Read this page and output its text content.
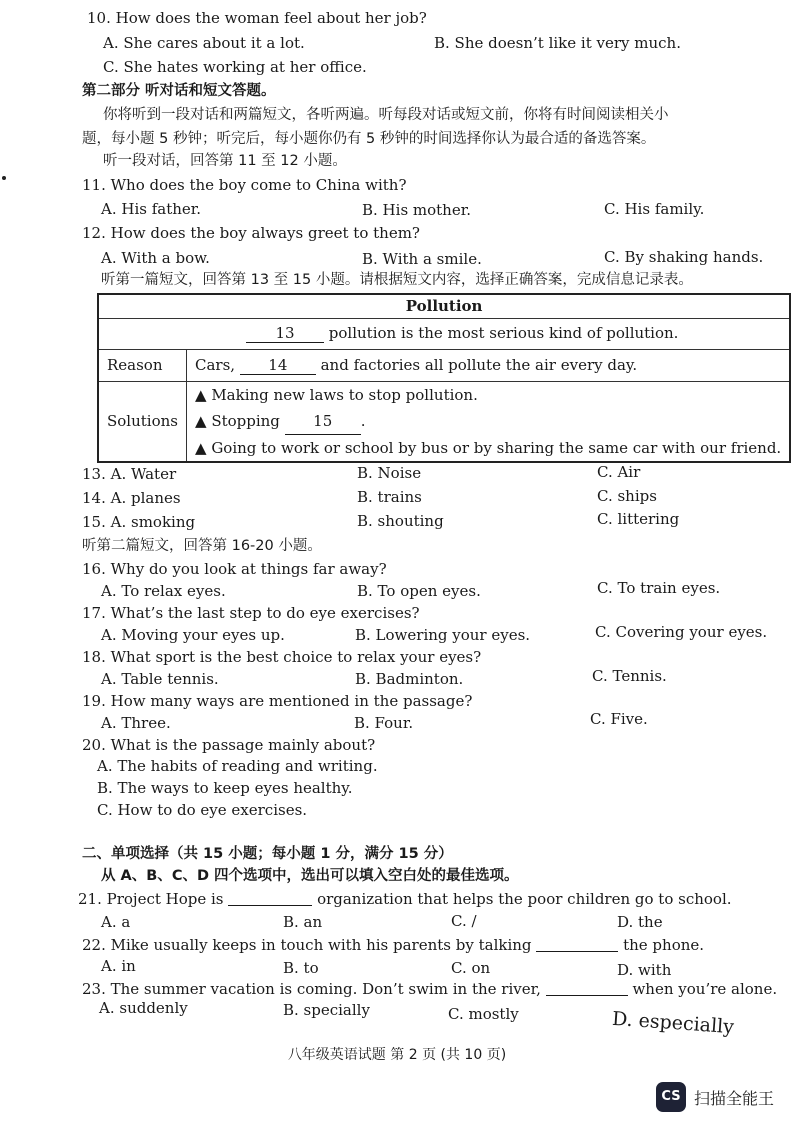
10. How does the woman feel about her job?
A. She cares about it a lot.	B. She doesn’t like it very much.
C. She hates working at her office.
第二部分 听对话和短文答题。
你将听到一段对话和两篇短文，各听两遍。听每段对话或短文前，你将有时间阅读相关小
题，每小题 5 秒钟；听完后，每小题你仍有 5 秒钟的时间选择你认为最合适的备选答案。
听一段对话，回答第 11 至 12 小题。
11. Who does the boy come to China with?
A. His father.	B. His mother.	C. His family.
12. How does the boy always greet to them?
A. With a bow.	B. With a smile.	C. By shaking hands.
听第一篇短文，回答第 13 至 15 小题。请根据短文内容，选择正确答案，完成信息记录表。
Pollution	
13 pollution is the most serious kind of pollution.	
Reason	Cars, 14 and factories all pollute the air every day.
Solutions	▲ Making new laws to stop pollution.
▲ Stopping 15 .
▲ Going to work or school by bus or by sharing the same car with our friend.
13. A. Water	B. Noise	C. Air
14. A. planes	B. trains	C. ships
15. A. smoking	B. shouting	C. littering
听第二篇短文，回答第 16-20 小题。
16. Why do you look at things far away?
A. To relax eyes.	B. To open eyes.	C. To train eyes.
17. What’s the last step to do eye exercises?
A. Moving your eyes up.	B. Lowering your eyes.	C. Covering your eyes.
18. What sport is the best choice to relax your eyes?
A. Table tennis.	B. Badminton.	C. Tennis.
19. How many ways are mentioned in the passage?
A. Three.	B. Four.	C. Five.
20. What is the passage mainly about?
A. The habits of reading and writing.
B. The ways to keep eyes healthy.
C. How to do eye exercises.
二、单项选择（共 15 小题；每小题 1 分，满分 15 分）
从 A、B、C、D 四个选项中，选出可以填入空白处的最佳选项。
21. Project Hope is	organization that helps the poor children go to school.
A. a	B. an	C. /	D. the
22. Mike usually keeps in touch with his parents by talking	the phone.
A. in	B. to	C. on	D. with
23. The summer vacation is coming. Don’t swim in the river,	when you’re alone.
A. suddenly	B. specially	C. mostly	D. especially
八年级英语试题 第 2 页 (共 10 页)
CS 扫描全能王
